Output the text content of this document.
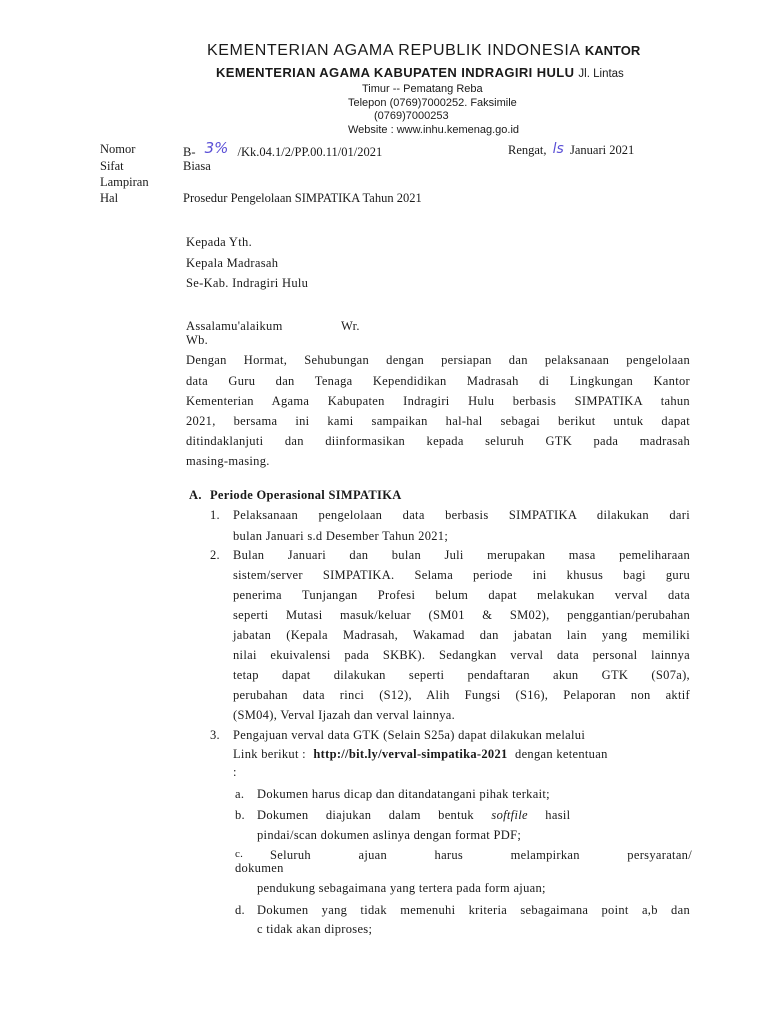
KEMENTERIAN AGAMA REPUBLIK INDONESIA KANTOR
KEMENTERIAN AGAMA KABUPATEN INDRAGIRI HULU Jl. Lintas
Timur -- Pematang Reba
Telepon (0769)7000252. Faksimile
(0769)7000253
Website : www.inhu.kemenag.go.id
Nomor	B- 3% /Kk.04.1/2/PP.00.11/01/2021	Rengat, ls Januari 2021
Sifat	Biasa
Lampiran
Hal	Prosedur Pengelolaan SIMPATIKA Tahun 2021
Kepada Yth.
Kepala Madrasah
Se-Kab. Indragiri Hulu
Assalamu'alaikum	Wr.
Wb.
Dengan Hormat, Sehubungan dengan persiapan dan pelaksanaan pengelolaan
data Guru dan Tenaga Kependidikan Madrasah di Lingkungan Kantor
Kementerian Agama Kabupaten Indragiri Hulu berbasis SIMPATIKA tahun
2021, bersama ini kami sampaikan hal-hal sebagai berikut untuk dapat
ditindaklanjuti dan diinformasikan kepada seluruh GTK pada madrasah
masing-masing.
A. Periode Operasional SIMPATIKA
1. Pelaksanaan pengelolaan data berbasis SIMPATIKA dilakukan dari
bulan Januari s.d Desember Tahun 2021;
2. Bulan Januari dan bulan Juli merupakan masa pemeliharaan
sistem/server SIMPATIKA. Selama periode ini khusus bagi guru
penerima Tunjangan Profesi belum dapat melakukan verval data
seperti Mutasi masuk/keluar (SM01 & SM02), penggantian/perubahan
jabatan (Kepala Madrasah, Wakamad dan jabatan lain yang memiliki
nilai ekuivalensi pada SKBK). Sedangkan verval data personal lainnya
tetap dapat dilakukan seperti pendaftaran akun GTK (S07a),
perubahan data rinci (S12), Alih Fungsi (S16), Pelaporan non aktif
(SM04), Verval Ijazah dan verval lainnya.
3. Pengajuan verval data GTK (Selain S25a) dapat dilakukan melalui
Link berikut : http://bit.ly/verval-simpatika-2021 dengan ketentuan
:
a. Dokumen harus dicap dan ditandatangani pihak terkait;
b. Dokumen diajukan dalam bentuk softfile hasil
pindai/scan dokumen aslinya dengan format PDF;
c. Seluruh ajuan harus melampirkan persyaratan/
dokumen
pendukung sebagaimana yang tertera pada form ajuan;
d. Dokumen yang tidak memenuhi kriteria sebagaimana point a,b dan
c tidak akan diproses;
